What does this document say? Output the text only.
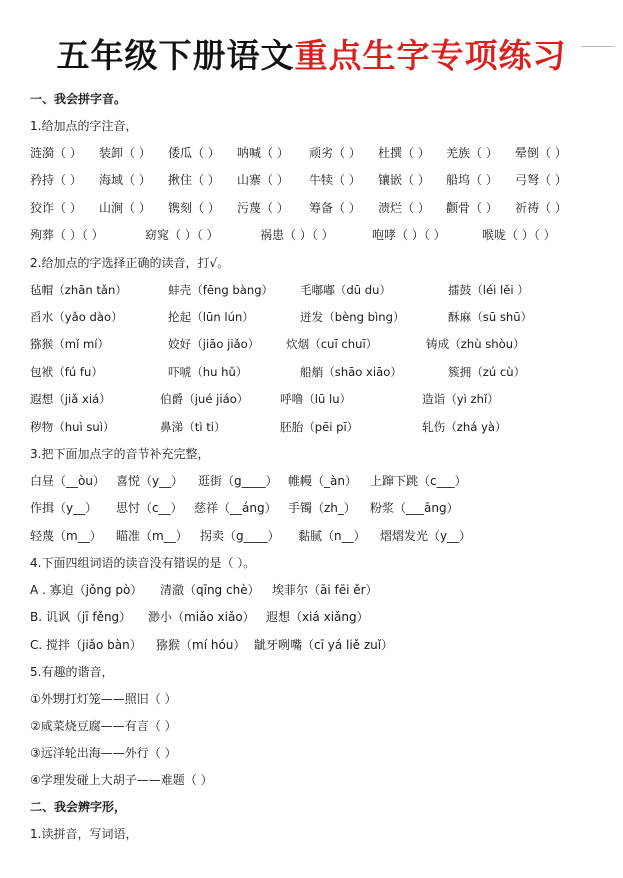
五年级下册语文重点生字专项练习
一、我会拼字音。
1.给加点的字注音，
涟漪（ ） 装卸（ ） 倭瓜（ ） 呐喊（ ） 顽劣（ ） 杜撰（ ） 羌族（ ） 晕倒（ ）
矜持（ ） 海域（ ） 揪住（ ） 山寨（ ） 牛犊（ ） 镶嵌（ ） 船坞（ ） 弓弩（ ）
狡诈（ ） 山涧（ ） 镌刻（ ） 污蔑（ ） 筹备（ ） 溃烂（ ） 颧骨（ ） 祈祷（ ）
殉葬（ ）（ ）	窈窕（ ）（ ）	祸患（ ）（ ）	咆哮（ ）（ ）	喉咙（ ）（ ）
2.给加点的字选择正确的读音，打√。
毡帽（zhān tǎn）	蚌壳（fēng bàng） 毛嘟嘟（dū du）	擂鼓（léi lěi ）
舀水（yǎo dào）	抡起（lūn lún）	迸发（bèng bìng）	酥麻（sū shū）
猕猴（mǐ mí）	姣好（jiāo jiǎo） 炊烟（cuī chuī）	铸成（zhù shòu）
包袱（fú fu）	吓唬（hu hǔ）	船艄（shāo xiāo）	簇拥（zú cù）
遐想（jiǎ xiá）	伯爵（jué jiáo）	呼噜（lū lu）	造诣（yì zhǐ）
秽物（huì suì）	鼻涕（tì ti）	胚胎（pēi pī）	轧伤（zhá yà）
3.把下面加点字的音节补充完整，
白昼（__òu） 喜悦（y__） 逛街（g____） 帷幔（_àn） 上蹿下跳（c___）
作揖（y__） 思忖（c__） 慈祥（__áng） 手镯（zh_） 粉浆（___āng）
轻蔑（m__） 瞄准（m__） 拐卖（g____） 黏腻（n__） 熠熠发光（y__）
4.下面四组词语的读音没有错误的是（ ）。
A . 寡迫（jǒng pò） 清澈（qīng chè） 埃菲尔（āi fēi ěr）
B. 讥讽（jī fěng） 渺小（miǎo xiǎo） 遐想（xiá xiǎng）
C. 搅拌（jiǎo bàn） 猕猴（mí hóu） 龇牙咧嘴（cī yá liě zuǐ）
5.有趣的谐音，
①外甥打灯笼——照旧（ ）
②咸菜烧豆腐——有言（ ）
③远洋轮出海——外行（ ）
④学理发碰上大胡子——难题（ ）
二、我会辨字形，
1.读拼音，写词语，
